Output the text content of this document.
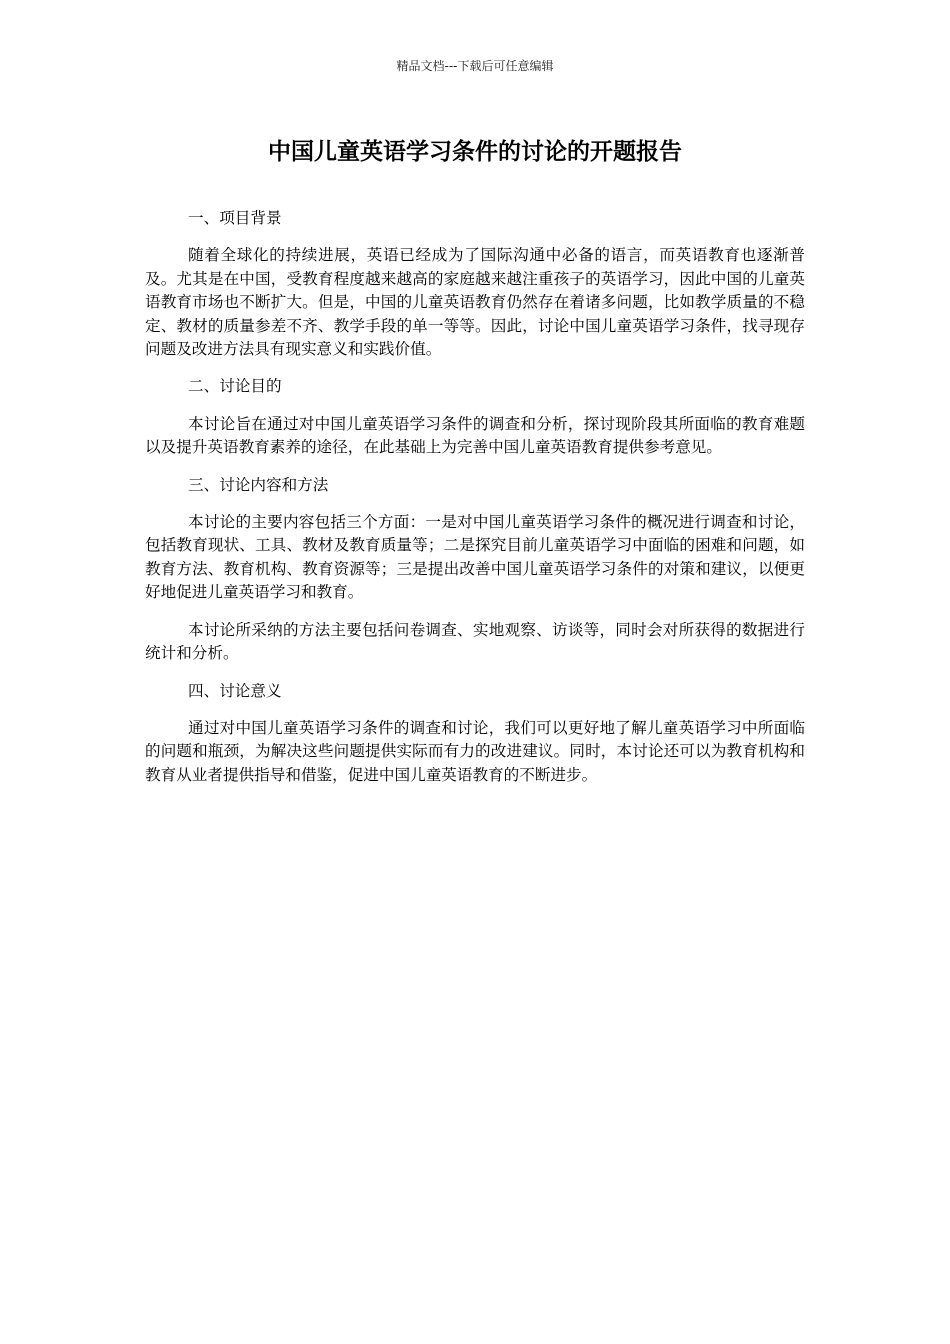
精品文档---下载后可任意编辑
中国儿童英语学习条件的讨论的开题报告

一、项目背景

随着全球化的持续进展，英语已经成为了国际沟通中必备的语言，而英语教育也逐渐普及。尤其是在中国，受教育程度越来越高的家庭越来越注重孩子的英语学习，因此中国的儿童英语教育市场也不断扩大。但是，中国的儿童英语教育仍然存在着诸多问题，比如教学质量的不稳定、教材的质量参差不齐、教学手段的单一等等。因此，讨论中国儿童英语学习条件，找寻现存问题及改进方法具有现实意义和实践价值。

二、讨论目的

本讨论旨在通过对中国儿童英语学习条件的调查和分析，探讨现阶段其所面临的教育难题以及提升英语教育素养的途径，在此基础上为完善中国儿童英语教育提供参考意见。

三、讨论内容和方法

本讨论的主要内容包括三个方面：一是对中国儿童英语学习条件的概况进行调查和讨论，包括教育现状、工具、教材及教育质量等；二是探究目前儿童英语学习中面临的困难和问题，如教育方法、教育机构、教育资源等；三是提出改善中国儿童英语学习条件的对策和建议，以便更好地促进儿童英语学习和教育。

本讨论所采纳的方法主要包括问卷调查、实地观察、访谈等，同时会对所获得的数据进行统计和分析。

四、讨论意义

通过对中国儿童英语学习条件的调查和讨论，我们可以更好地了解儿童英语学习中所面临的问题和瓶颈，为解决这些问题提供实际而有力的改进建议。同时，本讨论还可以为教育机构和教育从业者提供指导和借鉴，促进中国儿童英语教育的不断进步。
